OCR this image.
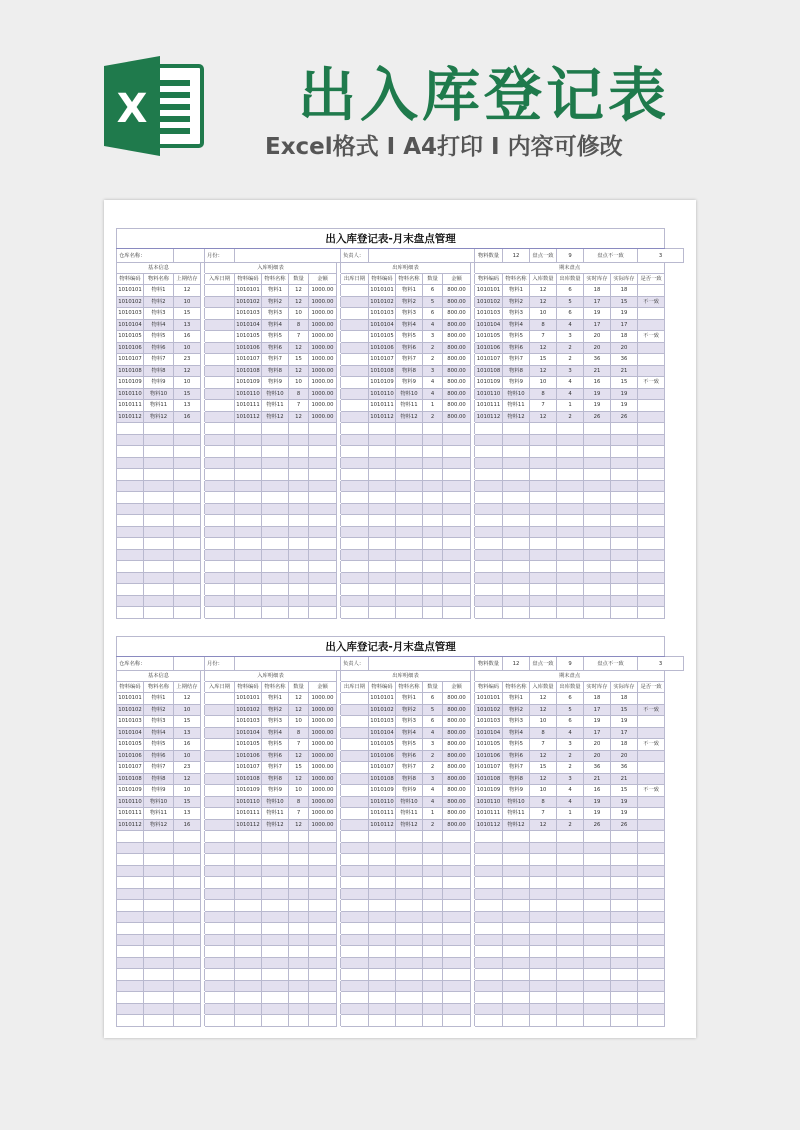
X	出入库登记表
Excel格式 I A4打印 I 内容可修改
出入库登记表-月末盘点管理																						
仓库名称：				月份：						负责人：						物料数量	12	盘点一致	9	盘点不一致		3
基本信息				入库明细表						出库明细表						期末盘点						
物料编码	物料名称	上期结存		入库日期	物料编码	物料名称	数量	金额		出库日期	物料编码	物料名称	数量	金额		物料编码	物料名称	入库数量	出库数量	实时库存	实际库存	是否一致
1010101	物料1	12			1010101	物料1	12	1000.00			1010101	物料1	6	800.00		1010101	物料1	12	6	18	18	
1010102	物料2	10			1010102	物料2	12	1000.00			1010102	物料2	5	800.00		1010102	物料2	12	5	17	15	不一致
1010103	物料3	15			1010103	物料3	10	1000.00			1010103	物料3	6	800.00		1010103	物料3	10	6	19	19	
1010104	物料4	13			1010104	物料4	8	1000.00			1010104	物料4	4	800.00		1010104	物料4	8	4	17	17	
1010105	物料5	16			1010105	物料5	7	1000.00			1010105	物料5	3	800.00		1010105	物料5	7	3	20	18	不一致
1010106	物料6	10			1010106	物料6	12	1000.00			1010106	物料6	2	800.00		1010106	物料6	12	2	20	20	
1010107	物料7	23			1010107	物料7	15	1000.00			1010107	物料7	2	800.00		1010107	物料7	15	2	36	36	
1010108	物料8	12			1010108	物料8	12	1000.00			1010108	物料8	3	800.00		1010108	物料8	12	3	21	21	
1010109	物料9	10			1010109	物料9	10	1000.00			1010109	物料9	4	800.00		1010109	物料9	10	4	16	15	不一致
1010110	物料10	15			1010110	物料10	8	1000.00			1010110	物料10	4	800.00		1010110	物料10	8	4	19	19	
1010111	物料11	13			1010111	物料11	7	1000.00			1010111	物料11	1	800.00		1010111	物料11	7	1	19	19	
1010112	物料12	16			1010112	物料12	12	1000.00			1010112	物料12	2	800.00		1010112	物料12	12	2	26	26	

出入库登记表-月末盘点管理																						
仓库名称：				月份：						负责人：						物料数量	12	盘点一致	9	盘点不一致		3
基本信息				入库明细表						出库明细表						期末盘点						
物料编码	物料名称	上期结存		入库日期	物料编码	物料名称	数量	金额		出库日期	物料编码	物料名称	数量	金额		物料编码	物料名称	入库数量	出库数量	实时库存	实际库存	是否一致
1010101	物料1	12			1010101	物料1	12	1000.00			1010101	物料1	6	800.00		1010101	物料1	12	6	18	18	
1010102	物料2	10			1010102	物料2	12	1000.00			1010102	物料2	5	800.00		1010102	物料2	12	5	17	15	不一致
1010103	物料3	15			1010103	物料3	10	1000.00			1010103	物料3	6	800.00		1010103	物料3	10	6	19	19	
1010104	物料4	13			1010104	物料4	8	1000.00			1010104	物料4	4	800.00		1010104	物料4	8	4	17	17	
1010105	物料5	16			1010105	物料5	7	1000.00			1010105	物料5	3	800.00		1010105	物料5	7	3	20	18	不一致
1010106	物料6	10			1010106	物料6	12	1000.00			1010106	物料6	2	800.00		1010106	物料6	12	2	20	20	
1010107	物料7	23			1010107	物料7	15	1000.00			1010107	物料7	2	800.00		1010107	物料7	15	2	36	36	
1010108	物料8	12			1010108	物料8	12	1000.00			1010108	物料8	3	800.00		1010108	物料8	12	3	21	21	
1010109	物料9	10			1010109	物料9	10	1000.00			1010109	物料9	4	800.00		1010109	物料9	10	4	16	15	不一致
1010110	物料10	15			1010110	物料10	8	1000.00			1010110	物料10	4	800.00		1010110	物料10	8	4	19	19	
1010111	物料11	13			1010111	物料11	7	1000.00			1010111	物料11	1	800.00		1010111	物料11	7	1	19	19	
1010112	物料12	16			1010112	物料12	12	1000.00			1010112	物料12	2	800.00		1010112	物料12	12	2	26	26	
